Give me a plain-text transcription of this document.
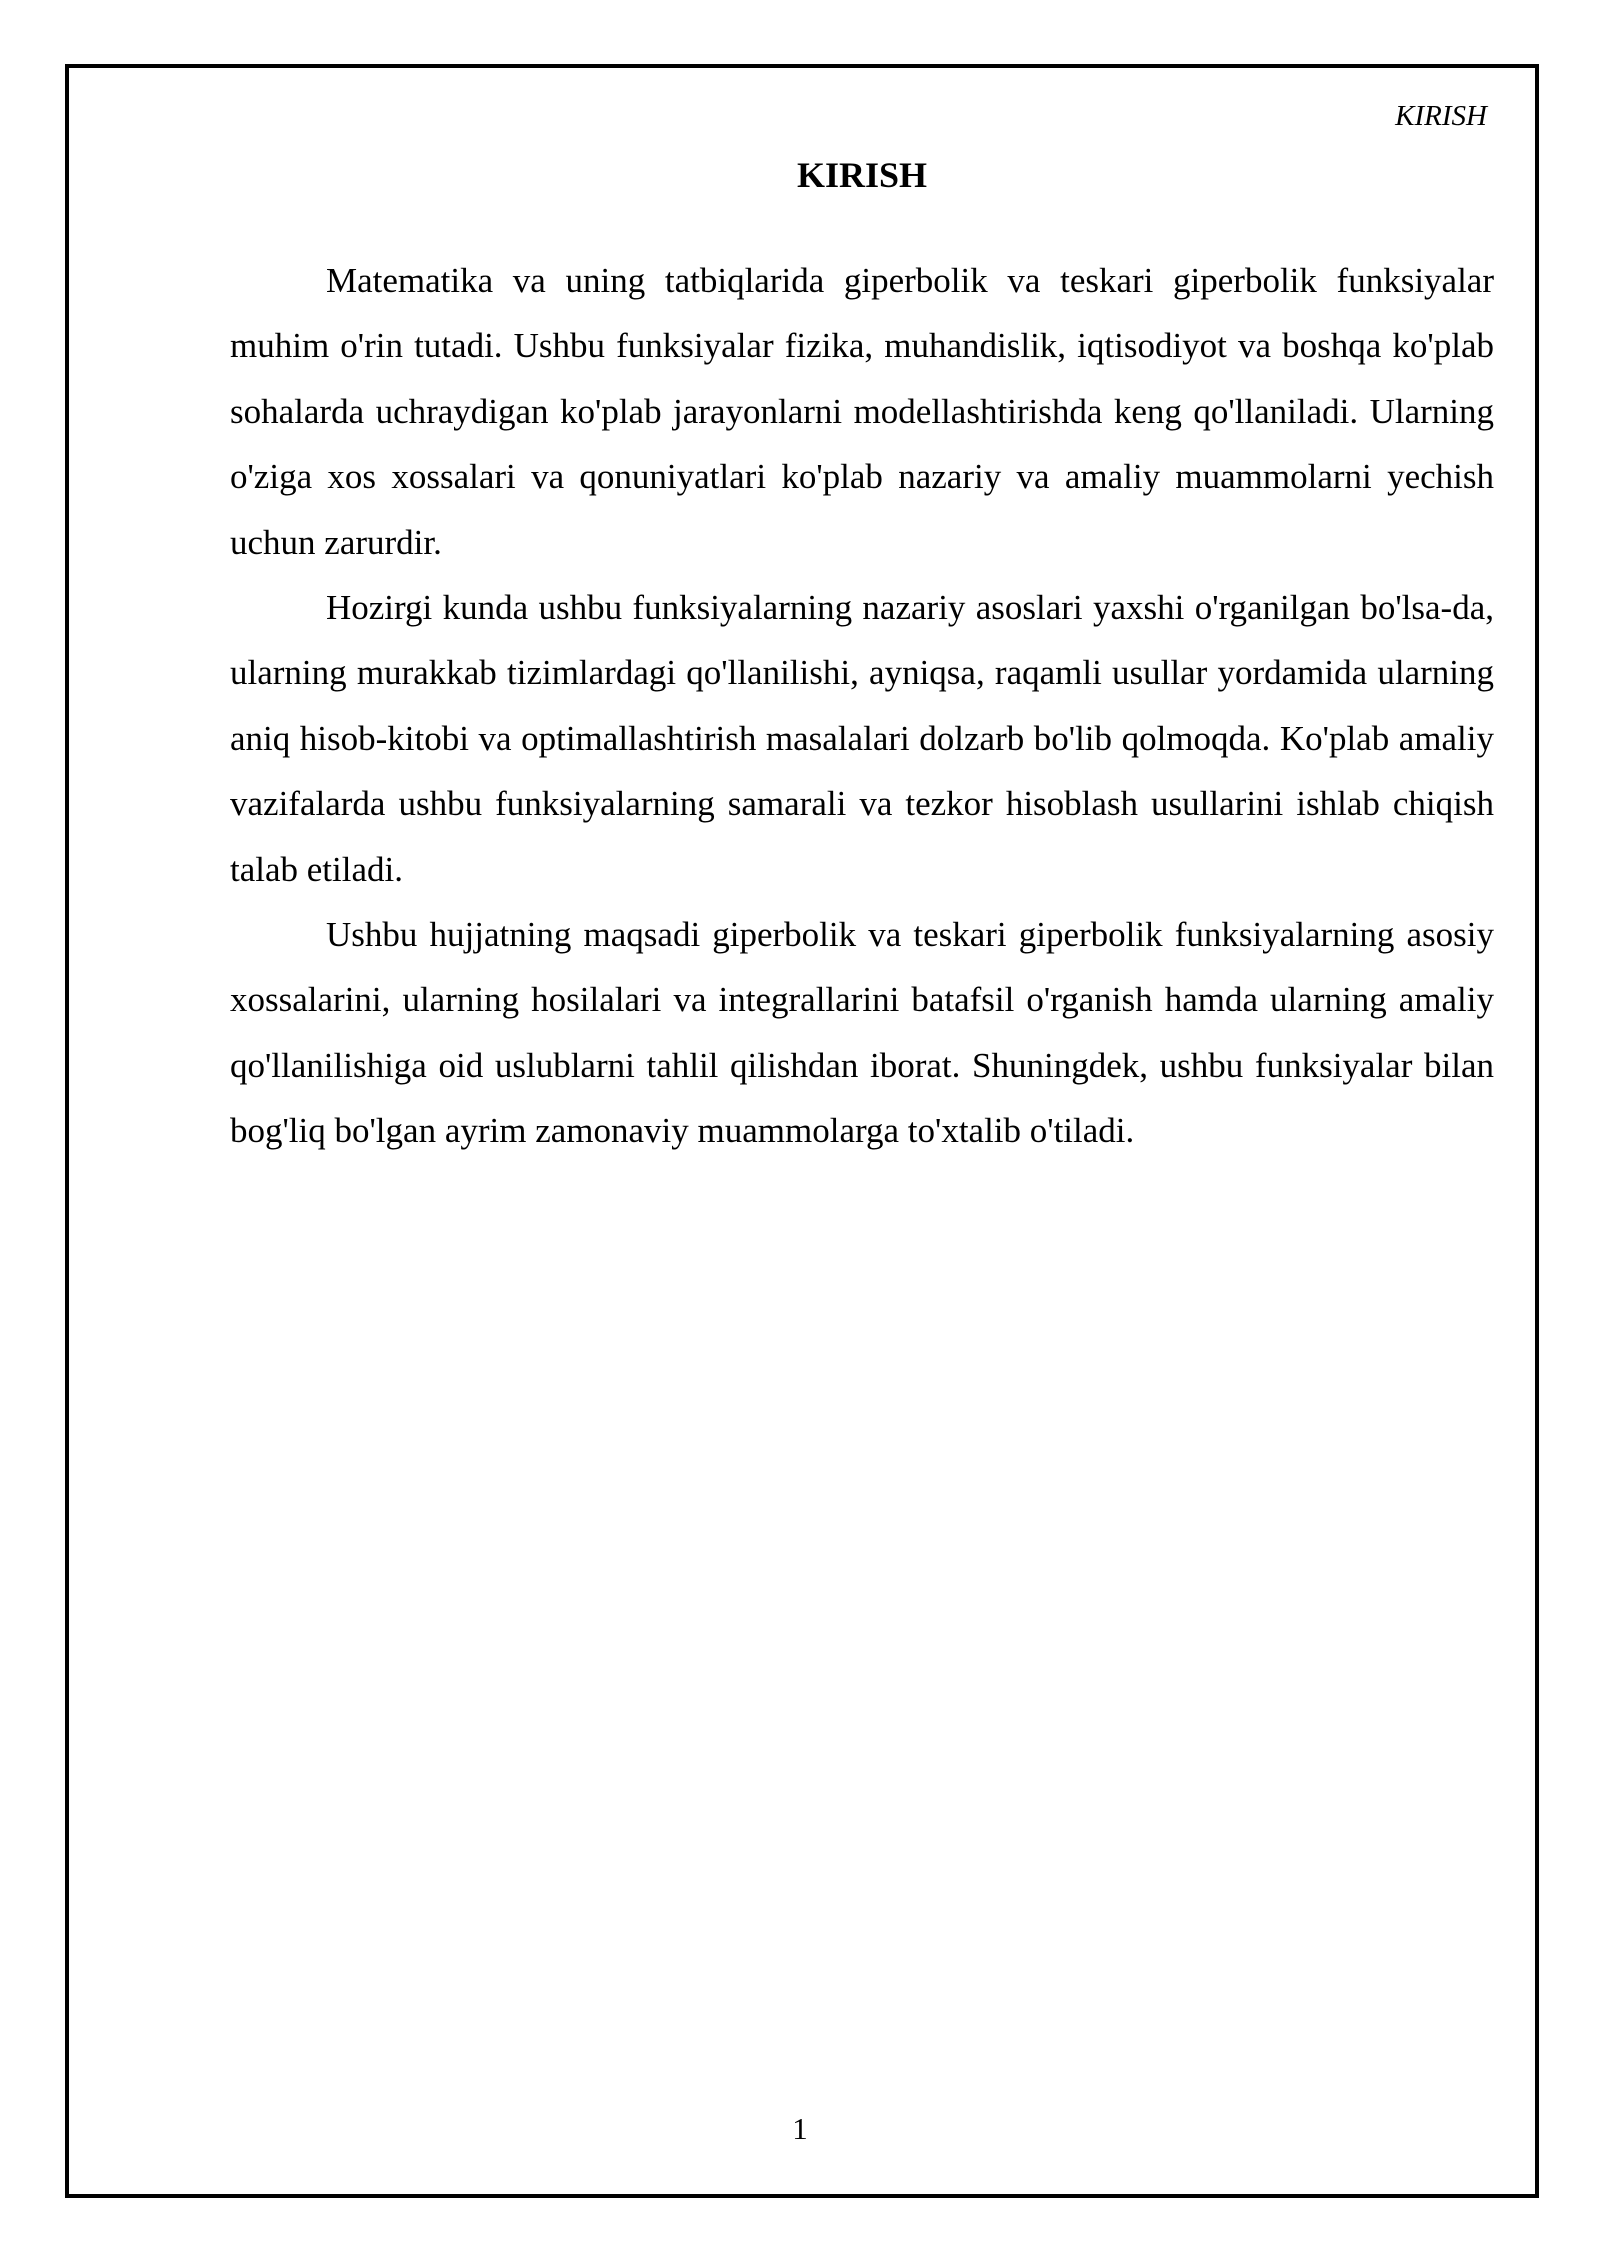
KIRISH

KIRISH

Matematika va uning tatbiqlarida giperbolik va teskari giperbolik funksiyalar muhim o'rin tutadi. Ushbu funksiyalar fizika, muhandislik, iqtisodiyot va boshqa ko'plab sohalarda uchraydigan ko'plab jarayonlarni modellashtirishda keng qo'llaniladi. Ularning o'ziga xos xossalari va qonuniyatlari ko'plab nazariy va amaliy muammolarni yechish uchun zarurdir.

Hozirgi kunda ushbu funksiyalarning nazariy asoslari yaxshi o'rganilgan bo'lsa-da, ularning murakkab tizimlardagi qo'llanilishi, ayniqsa, raqamli usullar yordamida ularning aniq hisob-kitobi va optimallashtirish masalalari dolzarb bo'lib qolmoqda. Ko'plab amaliy vazifalarda ushbu funksiyalarning samarali va tezkor hisoblash usullarini ishlab chiqish talab etiladi.

Ushbu hujjatning maqsadi giperbolik va teskari giperbolik funksiyalarning asosiy xossalarini, ularning hosilalari va integrallarini batafsil o'rganish hamda ularning amaliy qo'llanilishiga oid uslublarni tahlil qilishdan iborat. Shuningdek, ushbu funksiyalar bilan bog'liq bo'lgan ayrim zamonaviy muammolarga to'xtalib o'tiladi.

1
